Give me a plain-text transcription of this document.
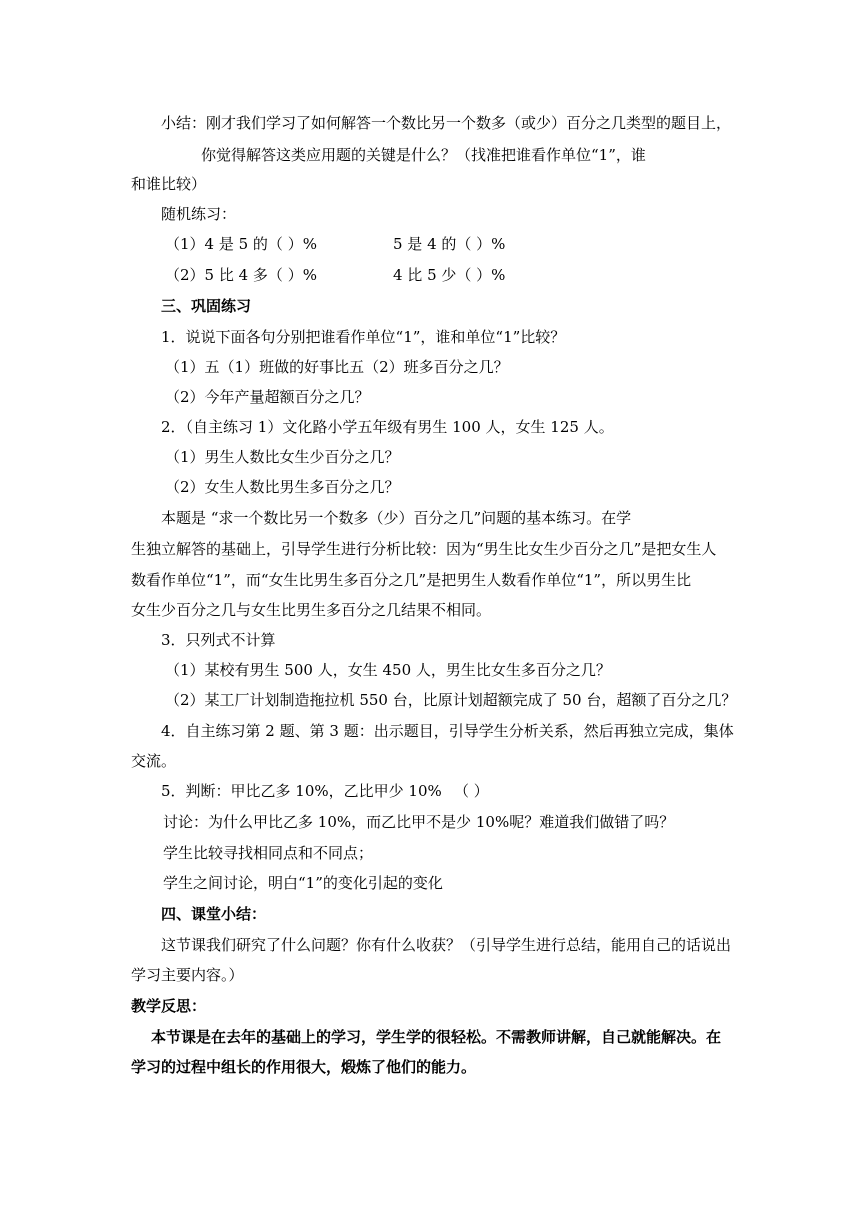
小结：刚才我们学习了如何解答一个数比另一个数多（或少）百分之几类型的题目上，
你觉得解答这类应用题的关键是什么？（找准把谁看作单位“1”，谁
和谁比较）
随机练习：
（1）4 是 5 的（ ）%	5 是 4 的（ ）%
（2）5 比 4 多（ ）%	4 比 5 少（ ）%
三、巩固练习
1．说说下面各句分别把谁看作单位“1”，谁和单位“1”比较？
（1）五（1）班做的好事比五（2）班多百分之几？
（2）今年产量超额百分之几？
2．（自主练习 1）文化路小学五年级有男生 100 人，女生 125 人。
（1）男生人数比女生少百分之几？
（2）女生人数比男生多百分之几？
本题是 “求一个数比另一个数多（少）百分之几”问题的基本练习。在学
生独立解答的基础上，引导学生进行分析比较：因为“男生比女生少百分之几”是把女生人
数看作单位“1”，而“女生比男生多百分之几”是把男生人数看作单位“1”，所以男生比
女生少百分之几与女生比男生多百分之几结果不相同。
3．只列式不计算
（1）某校有男生 500 人，女生 450 人，男生比女生多百分之几？
（2）某工厂计划制造拖拉机 550 台，比原计划超额完成了 50 台，超额了百分之几？
4．自主练习第 2 题、第 3 题：出示题目，引导学生分析关系，然后再独立完成，集体
交流。
5．判断：甲比乙多 10%，乙比甲少 10% （ ）
讨论：为什么甲比乙多 10%，而乙比甲不是少 10%呢？难道我们做错了吗？
学生比较寻找相同点和不同点；
学生之间讨论，明白“1”的变化引起的变化
四、课堂小结：
这节课我们研究了什么问题？你有什么收获？（引导学生进行总结，能用自己的话说出
学习主要内容。）
教学反思：
本节课是在去年的基础上的学习，学生学的很轻松。不需教师讲解，自己就能解决。在
学习的过程中组长的作用很大，煅炼了他们的能力。
